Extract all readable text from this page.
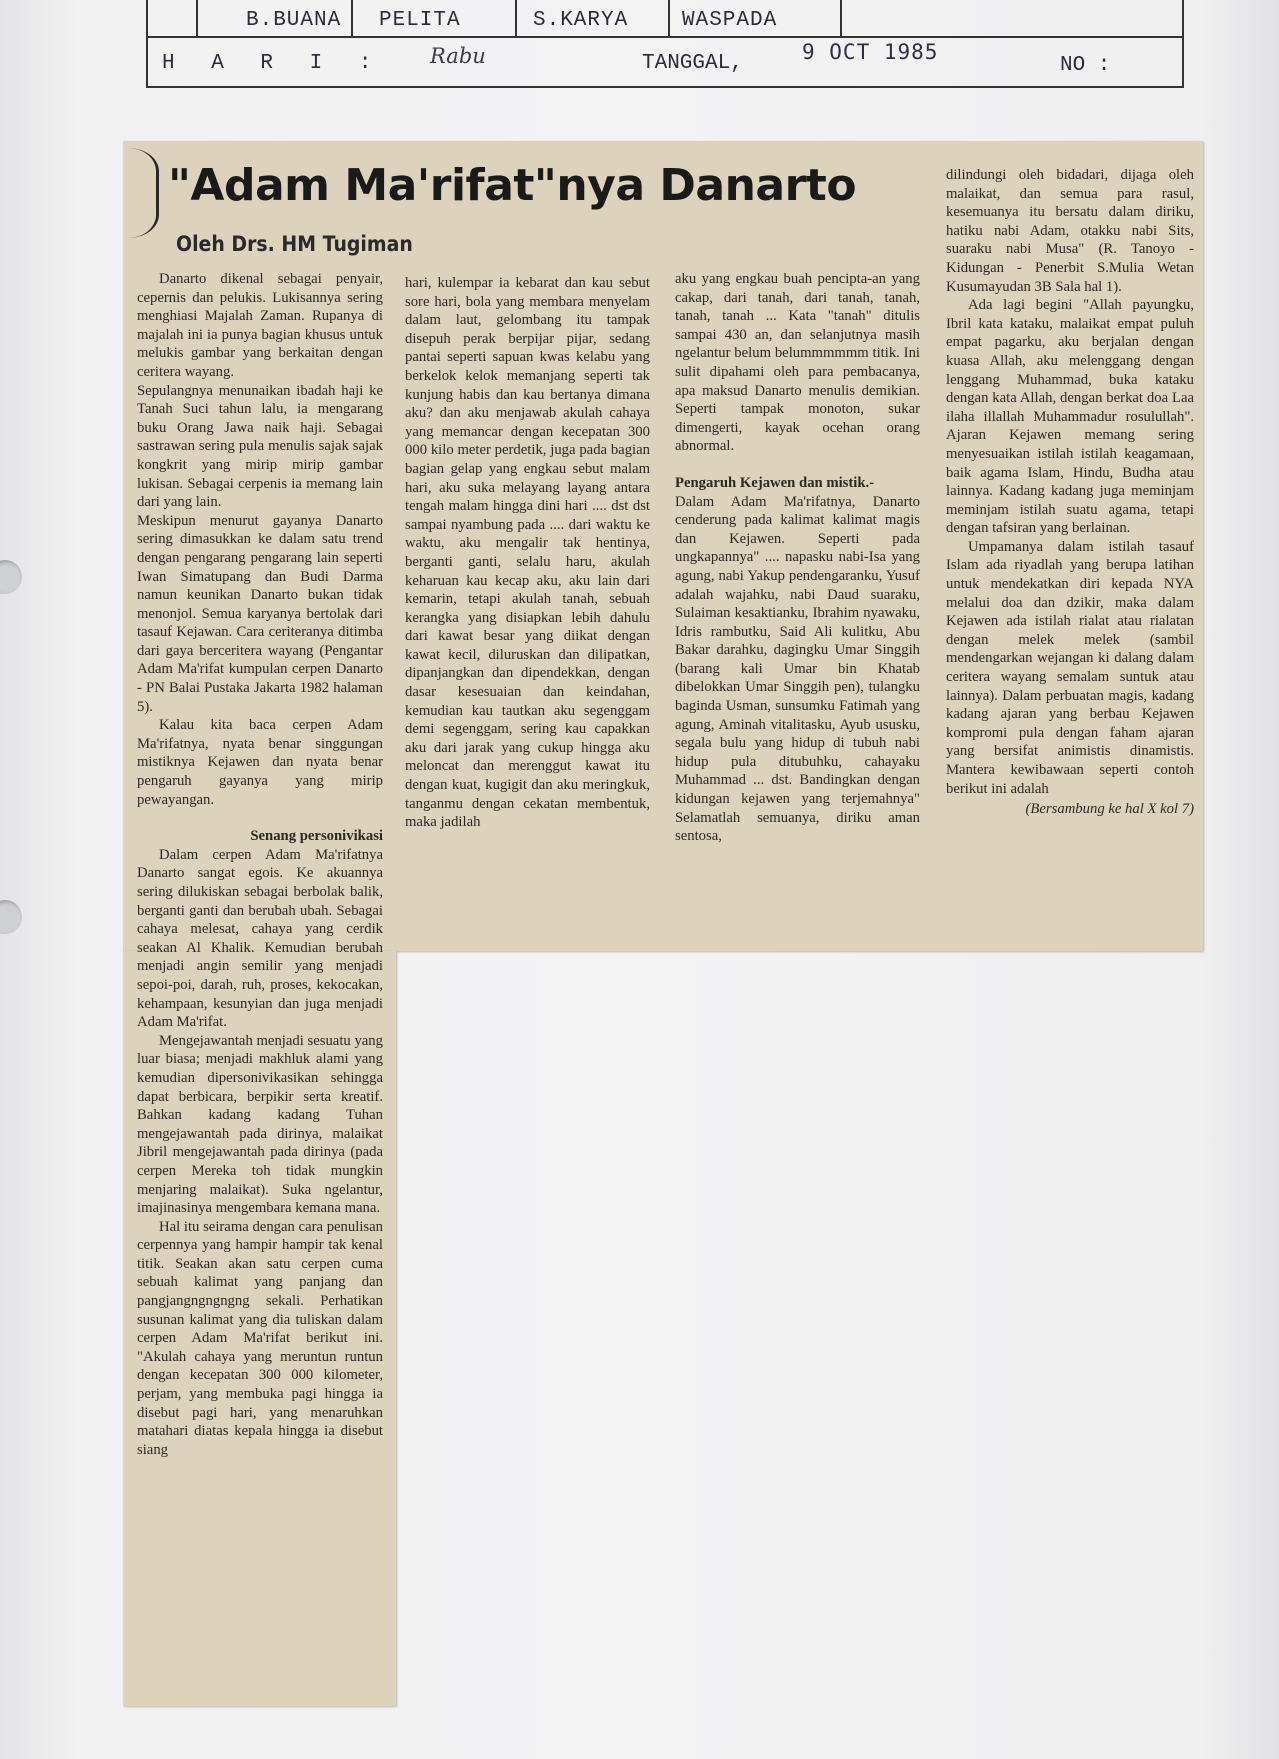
B.BUANA	PELITA	S.KARYA	WASPADA
H A R I : Rabu	TANGGAL,	9 OCT 1985
NO :
"Adam Ma'rifat"nya Danarto
Oleh Drs. HM Tugiman

Danarto dikenal sebagai penyair, cepernis dan pelukis. Lukisannya sering menghiasi Majalah Zaman. Rupanya di majalah ini ia punya bagian khusus untuk melukis gambar yang berkaitan dengan ceritera wayang.

Sepulangnya menunaikan ibadah haji ke Tanah Suci tahun lalu, ia mengarang buku Orang Jawa naik haji. Sebagai sastrawan sering pula menulis sajak sajak kongkrit yang mirip mirip gambar lukisan. Sebagai cerpenis ia memang lain dari yang lain.

Meskipun menurut gayanya Danarto sering dimasukkan ke dalam satu trend dengan pengarang pengarang lain seperti Iwan Simatupang dan Budi Darma namun keunikan Danarto bukan tidak menonjol. Semua karyanya bertolak dari tasauf Kejawan. Cara ceriteranya ditimba dari gaya berceritera wayang (Pengantar Adam Ma'rifat kumpulan cerpen Danarto - PN Balai Pustaka Jakarta 1982 halaman 5).

Kalau kita baca cerpen Adam Ma'rifatnya, nyata benar singgungan mistiknya Kejawen dan nyata benar pengaruh gayanya yang mirip pewayangan.

Senang personivikasi

Dalam cerpen Adam Ma'rifatnya Danarto sangat egois. Ke akuannya sering dilukiskan sebagai berbolak balik, berganti ganti dan berubah ubah. Sebagai cahaya melesat, cahaya yang cerdik seakan Al Khalik. Kemudian berubah menjadi angin semilir yang menjadi sepoi-poi, darah, ruh, proses, kekocakan, kehampaan, kesunyian dan juga menjadi Adam Ma'rifat.

Mengejawantah menjadi sesuatu yang luar biasa; menjadi makhluk alami yang kemudian dipersonivikasikan sehingga dapat berbicara, berpikir serta kreatif. Bahkan kadang kadang Tuhan mengejawantah pada dirinya, malaikat Jibril mengejawantah pada dirinya (pada cerpen Mereka toh tidak mungkin menjaring malaikat). Suka ngelantur, imajinasinya mengembara kemana mana.

Hal itu seirama dengan cara penulisan cerpennya yang hampir hampir tak kenal titik. Seakan akan satu cerpen cuma sebuah kalimat yang panjang dan pangjangngngngng sekali. Perhatikan susunan kalimat yang dia tuliskan dalam cerpen Adam Ma'rifat berikut ini. "Akulah cahaya yang meruntun runtun dengan kecepatan 300 000 kilometer, perjam, yang membuka pagi hingga ia disebut pagi hari, yang menaruhkan matahari diatas kepala hingga ia disebut siang

hari, kulempar ia kebarat dan kau sebut sore hari, bola yang membara menyelam dalam laut, gelombang itu tampak disepuh perak berpijar pijar, sedang pantai seperti sapuan kwas kelabu yang berkelok kelok memanjang seperti tak kunjung habis dan kau bertanya dimana aku? dan aku menjawab akulah cahaya yang memancar dengan kecepatan 300 000 kilo meter perdetik, juga pada bagian bagian gelap yang engkau sebut malam hari, aku suka melayang layang antara tengah malam hingga dini hari .... dst dst sampai nyambung pada .... dari waktu ke waktu, aku mengalir tak hentinya, berganti ganti, selalu haru, akulah keharuan kau kecap aku, aku lain dari kemarin, tetapi akulah tanah, sebuah kerangka yang disiapkan lebih dahulu dari kawat besar yang diikat dengan kawat kecil, diluruskan dan dilipatkan, dipanjangkan dan dipendekkan, dengan dasar kesesuaian dan keindahan, kemudian kau tautkan aku segenggam demi segenggam, sering kau capakkan aku dari jarak yang cukup hingga aku meloncat dan merenggut kawat itu dengan kuat, kugigit dan aku meringkuk, tanganmu dengan cekatan membentuk, maka jadilah

aku yang engkau buah pencipta-an yang cakap, dari tanah, dari tanah, tanah, tanah, tanah ... Kata "tanah" ditulis sampai 430 an, dan selanjutnya masih ngelantur belum belummmmmm titik. Ini sulit dipahami oleh para pembacanya, apa maksud Danarto menulis demikian. Seperti tampak monoton, sukar dimengerti, kayak ocehan orang abnormal.

Pengaruh Kejawen dan mistik.-

Dalam Adam Ma'rifatnya, Danarto cenderung pada kalimat kalimat magis dan Kejawen. Seperti pada ungkapannya" .... napasku nabi-Isa yang agung, nabi Yakup pendengaranku, Yusuf adalah wajahku, nabi Daud suaraku, Sulaiman kesaktianku, Ibrahim nyawaku, Idris rambutku, Said Ali kulitku, Abu Bakar darahku, dagingku Umar Singgih (barang kali Umar bin Khatab dibelokkan Umar Singgih pen), tulangku baginda Usman, sunsumku Fatimah yang agung, Aminah vitalitasku, Ayub ususku, segala bulu yang hidup di tubuh nabi hidup pula ditubuhku, cahayaku Muhammad ... dst. Bandingkan dengan kidungan kejawen yang terjemahnya" Selamatlah semuanya, diriku aman sentosa,

dilindungi oleh bidadari, dijaga oleh malaikat, dan semua para rasul, kesemuanya itu bersatu dalam diriku, hatiku nabi Adam, otakku nabi Sits, suaraku nabi Musa" (R. Tanoyo - Kidungan - Penerbit S.Mulia Wetan Kusumayudan 3B Sala hal 1).

Ada lagi begini "Allah payungku, Ibril kata kataku, malaikat empat puluh empat pagarku, aku berjalan dengan kuasa Allah, aku melenggang dengan lenggang Muhammad, buka kataku dengan kata Allah, dengan berkat doa Laa ilaha illallah Muhammadur rosulullah". Ajaran Kejawen memang sering menyesuaikan istilah istilah keagamaan, baik agama Islam, Hindu, Budha atau lainnya. Kadang kadang juga meminjam meminjam istilah suatu agama, tetapi dengan tafsiran yang berlainan.

Umpamanya dalam istilah tasauf Islam ada riyadlah yang berupa latihan untuk mendekatkan diri kepada NYA melalui doa dan dzikir, maka dalam Kejawen ada istilah rialat atau rialatan dengan melek melek (sambil mendengarkan wejangan ki dalang dalam ceritera wayang semalam suntuk atau lainnya). Dalam perbuatan magis, kadang kadang ajaran yang berbau Kejawen kompromi pula dengan faham ajaran yang bersifat animistis dinamistis. Mantera kewibawaan seperti contoh berikut ini adalah

(Bersambung ke hal X kol 7)
